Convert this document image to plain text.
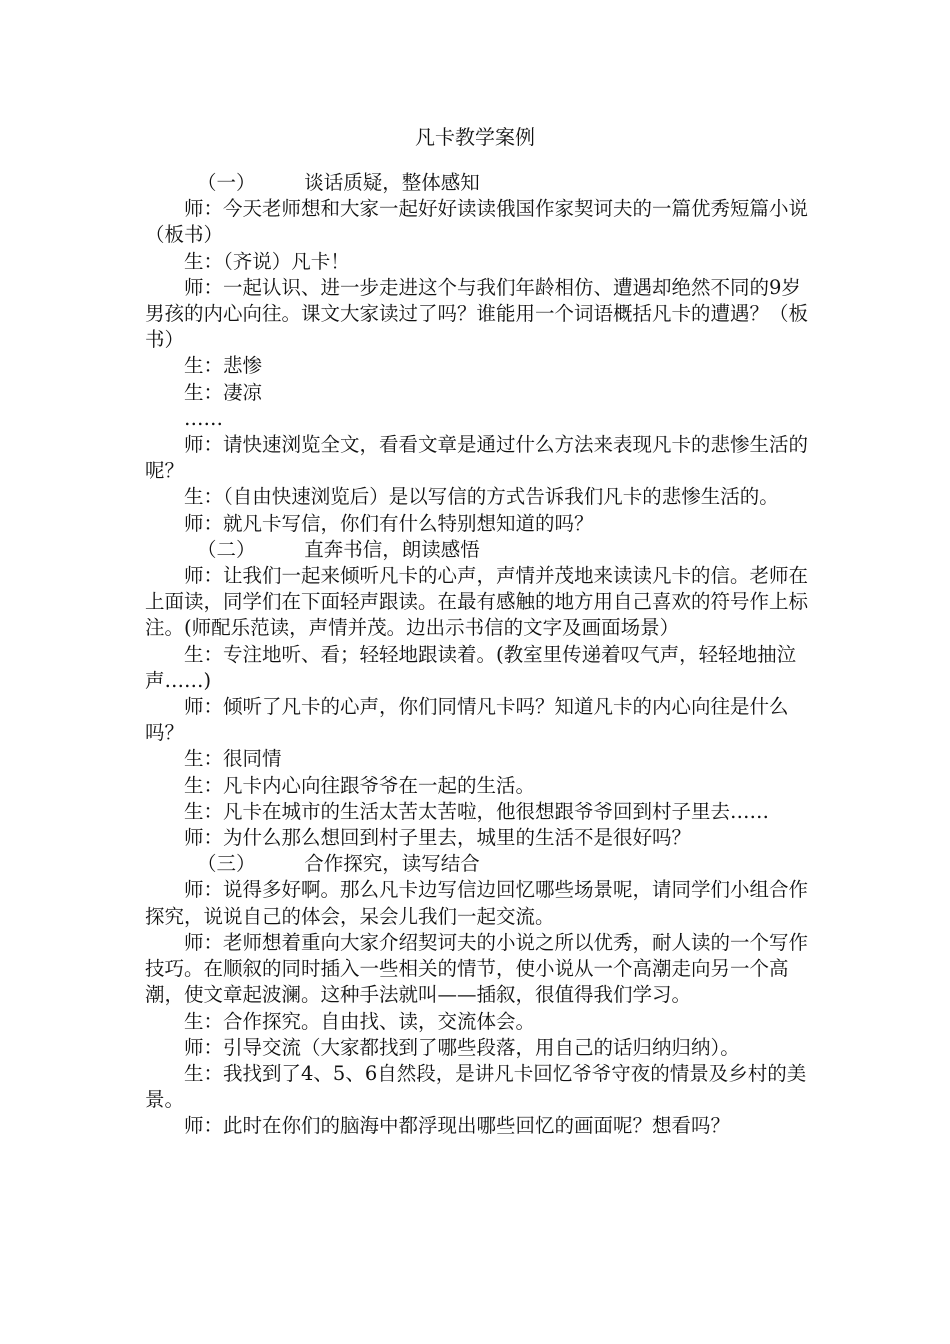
凡卡教学案例

（一）　　　谈话质疑，整体感知

师：今天老师想和大家一起好好读读俄国作家契诃夫的一篇优秀短篇小说（板书）

生：（齐说）凡卡！

师：一起认识、进一步走进这个与我们年龄相仿、遭遇却绝然不同的9岁男孩的内心向往。课文大家读过了吗？谁能用一个词语概括凡卡的遭遇？（板书）

生：悲惨

生：凄凉

……

师：请快速浏览全文，看看文章是通过什么方法来表现凡卡的悲惨生活的呢？

生：（自由快速浏览后）是以写信的方式告诉我们凡卡的悲惨生活的。

师：就凡卡写信，你们有什么特别想知道的吗？

（二）　　　直奔书信，朗读感悟

师：让我们一起来倾听凡卡的心声，声情并茂地来读读凡卡的信。老师在上面读，同学们在下面轻声跟读。在最有感触的地方用自己喜欢的符号作上标注。(师配乐范读，声情并茂。边出示书信的文字及画面场景）

生：专注地听、看；轻轻地跟读着。(教室里传递着叹气声，轻轻地抽泣声……)

师：倾听了凡卡的心声，你们同情凡卡吗？知道凡卡的内心向往是什么吗？

生：很同情

生：凡卡内心向往跟爷爷在一起的生活。

生：凡卡在城市的生活太苦太苦啦，他很想跟爷爷回到村子里去……

师：为什么那么想回到村子里去，城里的生活不是很好吗？

（三）　　　合作探究，读写结合

师：说得多好啊。那么凡卡边写信边回忆哪些场景呢，请同学们小组合作探究，说说自己的体会，呆会儿我们一起交流。

师：老师想着重向大家介绍契诃夫的小说之所以优秀，耐人读的一个写作技巧。在顺叙的同时插入一些相关的情节，使小说从一个高潮走向另一个高潮，使文章起波澜。这种手法就叫——插叙，很值得我们学习。

生：合作探究。自由找、读，交流体会。

师：引导交流（大家都找到了哪些段落，用自己的话归纳归纳）。

生：我找到了4、5、6自然段，是讲凡卡回忆爷爷守夜的情景及乡村的美景。

师：此时在你们的脑海中都浮现出哪些回忆的画面呢？想看吗？
